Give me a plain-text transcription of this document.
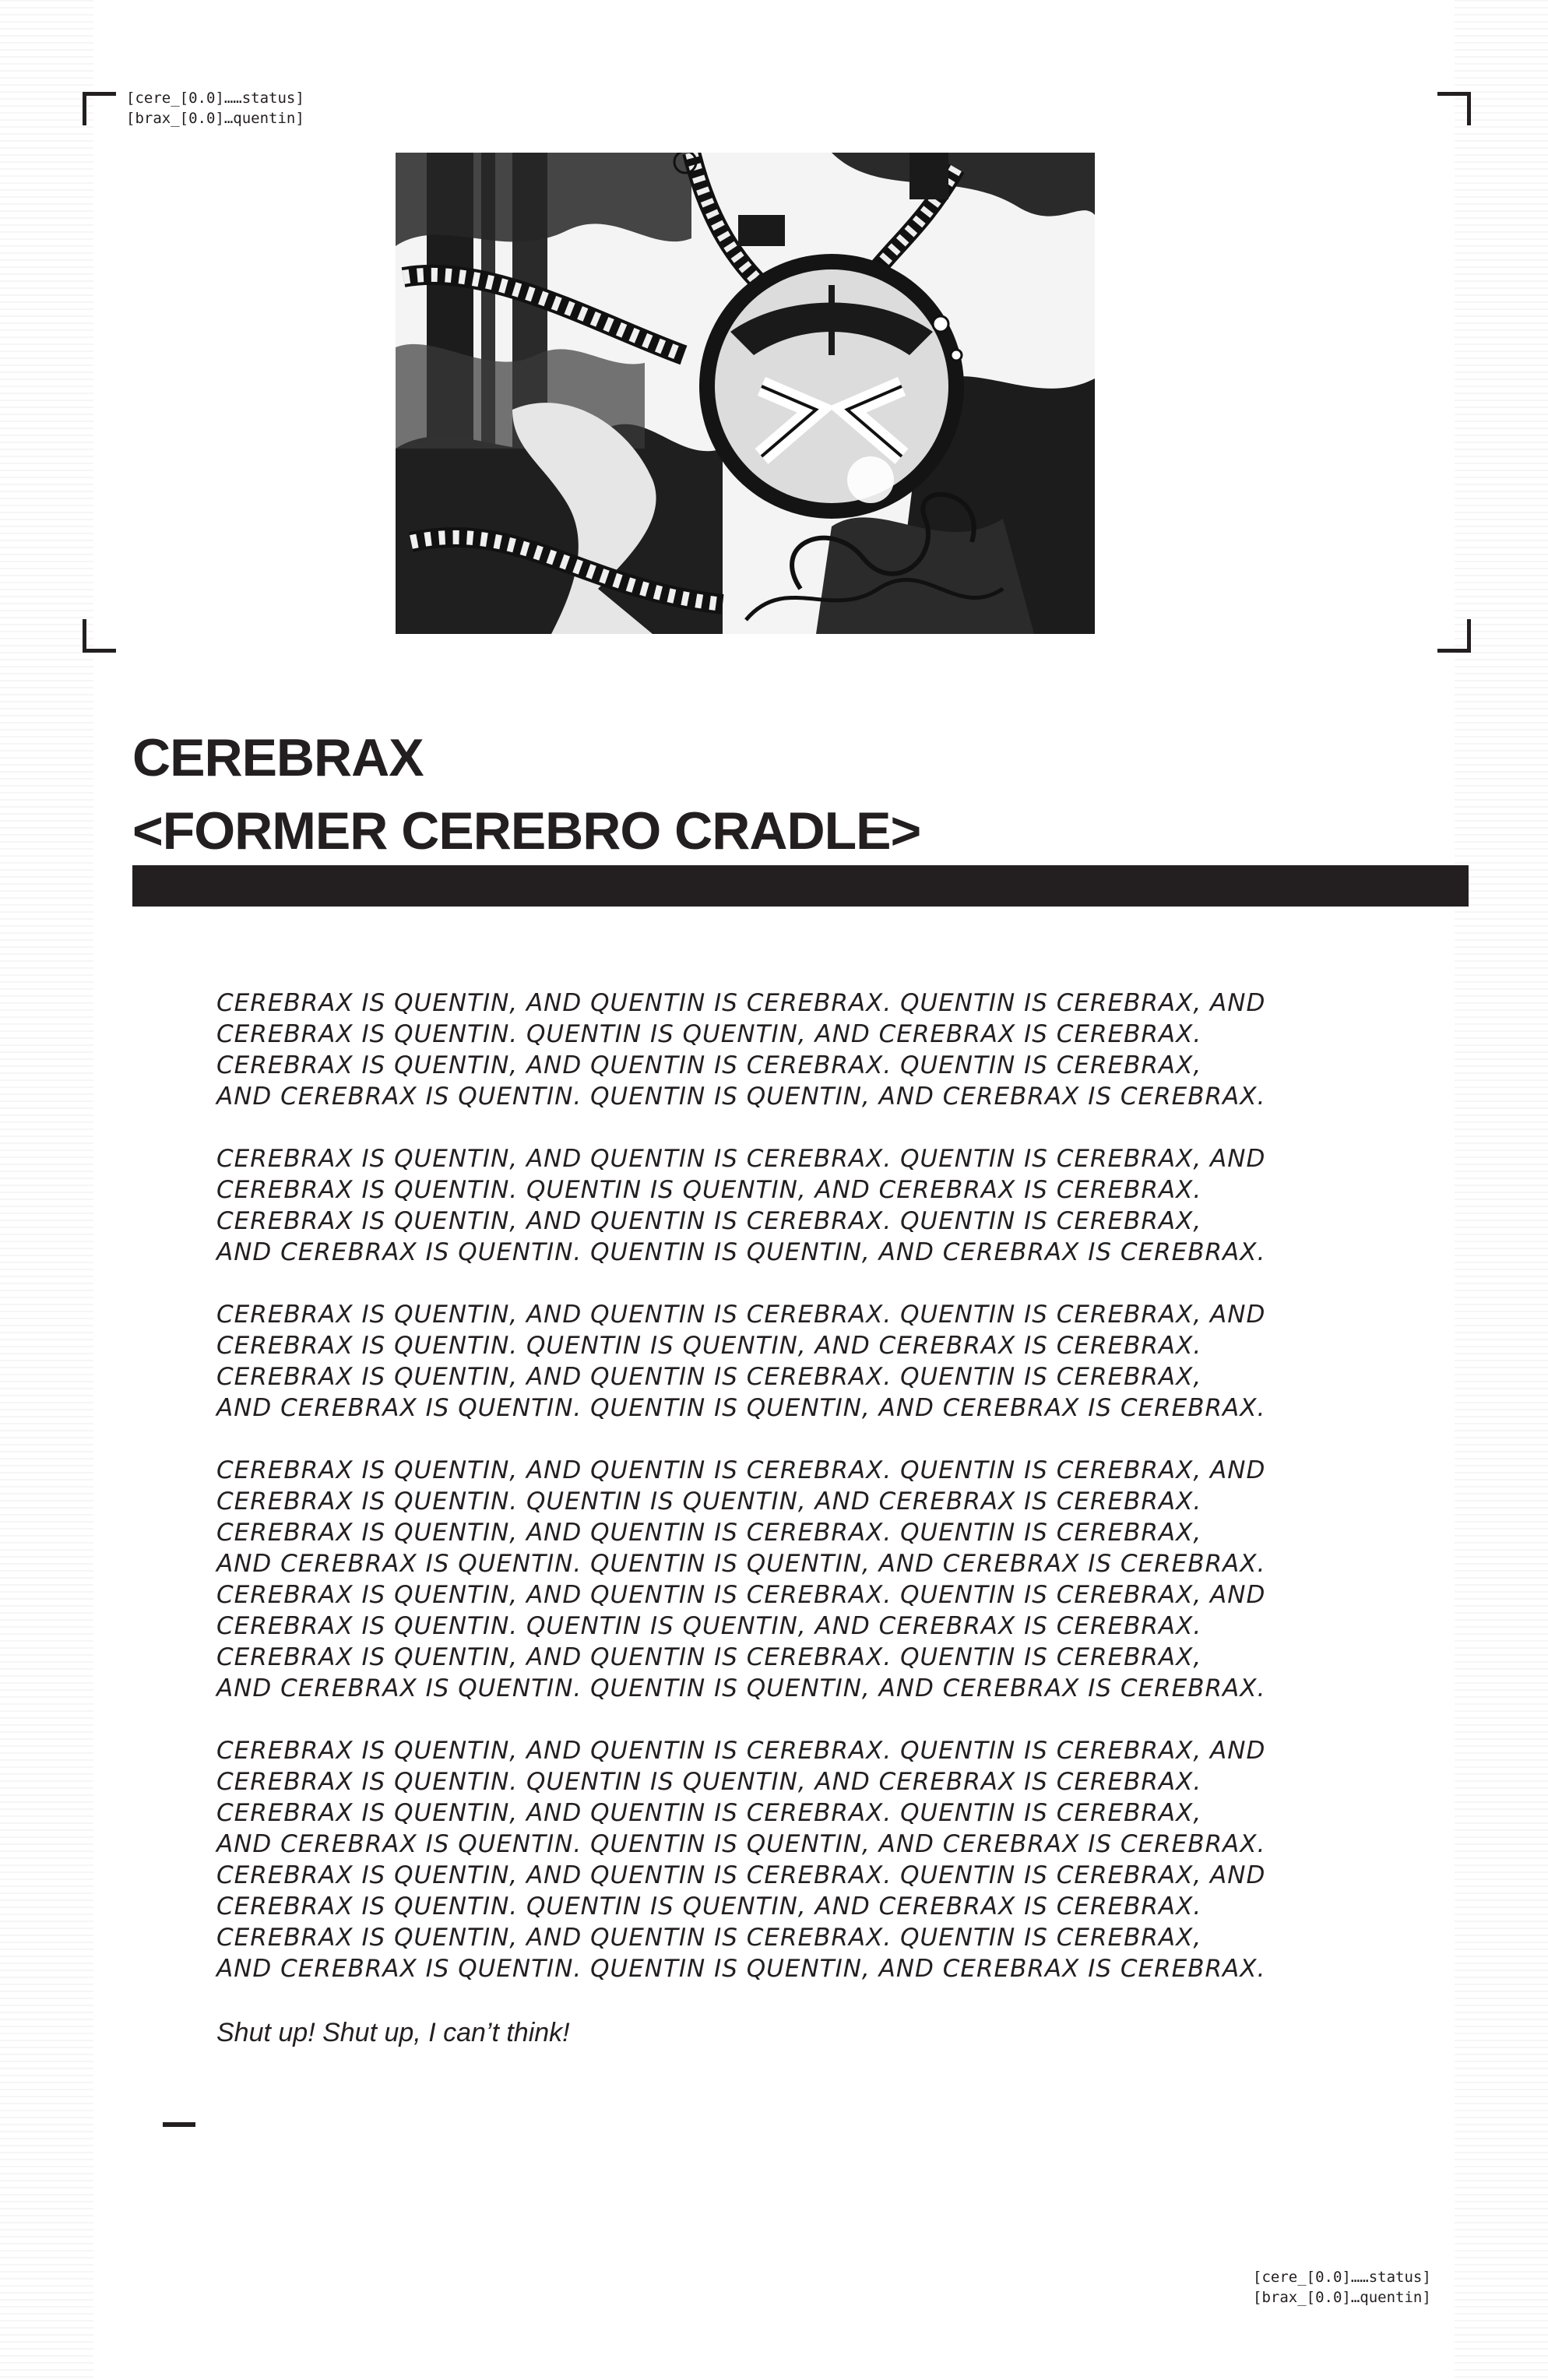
[cere_[0.0]……status]
[brax_[0.0]…quentin]
CEREBRAX
<FORMER CEREBRO CRADLE>

CEREBRAX IS QUENTIN, AND QUENTIN IS CEREBRAX. QUENTIN IS CEREBRAX, AND
CEREBRAX IS QUENTIN. QUENTIN IS QUENTIN, AND CEREBRAX IS CEREBRAX.
CEREBRAX IS QUENTIN, AND QUENTIN IS CEREBRAX. QUENTIN IS CEREBRAX,
AND CEREBRAX IS QUENTIN. QUENTIN IS QUENTIN, AND CEREBRAX IS CEREBRAX.

CEREBRAX IS QUENTIN, AND QUENTIN IS CEREBRAX. QUENTIN IS CEREBRAX, AND
CEREBRAX IS QUENTIN. QUENTIN IS QUENTIN, AND CEREBRAX IS CEREBRAX.
CEREBRAX IS QUENTIN, AND QUENTIN IS CEREBRAX. QUENTIN IS CEREBRAX,
AND CEREBRAX IS QUENTIN. QUENTIN IS QUENTIN, AND CEREBRAX IS CEREBRAX.

CEREBRAX IS QUENTIN, AND QUENTIN IS CEREBRAX. QUENTIN IS CEREBRAX, AND
CEREBRAX IS QUENTIN. QUENTIN IS QUENTIN, AND CEREBRAX IS CEREBRAX.
CEREBRAX IS QUENTIN, AND QUENTIN IS CEREBRAX. QUENTIN IS CEREBRAX,
AND CEREBRAX IS QUENTIN. QUENTIN IS QUENTIN, AND CEREBRAX IS CEREBRAX.

CEREBRAX IS QUENTIN, AND QUENTIN IS CEREBRAX. QUENTIN IS CEREBRAX, AND
CEREBRAX IS QUENTIN. QUENTIN IS QUENTIN, AND CEREBRAX IS CEREBRAX.
CEREBRAX IS QUENTIN, AND QUENTIN IS CEREBRAX. QUENTIN IS CEREBRAX,
AND CEREBRAX IS QUENTIN. QUENTIN IS QUENTIN, AND CEREBRAX IS CEREBRAX.
CEREBRAX IS QUENTIN, AND QUENTIN IS CEREBRAX. QUENTIN IS CEREBRAX, AND
CEREBRAX IS QUENTIN. QUENTIN IS QUENTIN, AND CEREBRAX IS CEREBRAX.
CEREBRAX IS QUENTIN, AND QUENTIN IS CEREBRAX. QUENTIN IS CEREBRAX,
AND CEREBRAX IS QUENTIN. QUENTIN IS QUENTIN, AND CEREBRAX IS CEREBRAX.

CEREBRAX IS QUENTIN, AND QUENTIN IS CEREBRAX. QUENTIN IS CEREBRAX, AND
CEREBRAX IS QUENTIN. QUENTIN IS QUENTIN, AND CEREBRAX IS CEREBRAX.
CEREBRAX IS QUENTIN, AND QUENTIN IS CEREBRAX. QUENTIN IS CEREBRAX,
AND CEREBRAX IS QUENTIN. QUENTIN IS QUENTIN, AND CEREBRAX IS CEREBRAX.
CEREBRAX IS QUENTIN, AND QUENTIN IS CEREBRAX. QUENTIN IS CEREBRAX, AND
CEREBRAX IS QUENTIN. QUENTIN IS QUENTIN, AND CEREBRAX IS CEREBRAX.
CEREBRAX IS QUENTIN, AND QUENTIN IS CEREBRAX. QUENTIN IS CEREBRAX,
AND CEREBRAX IS QUENTIN. QUENTIN IS QUENTIN, AND CEREBRAX IS CEREBRAX.

Shut up! Shut up, I can’t think!

[cere_[0.0]……status]
[brax_[0.0]…quentin]
